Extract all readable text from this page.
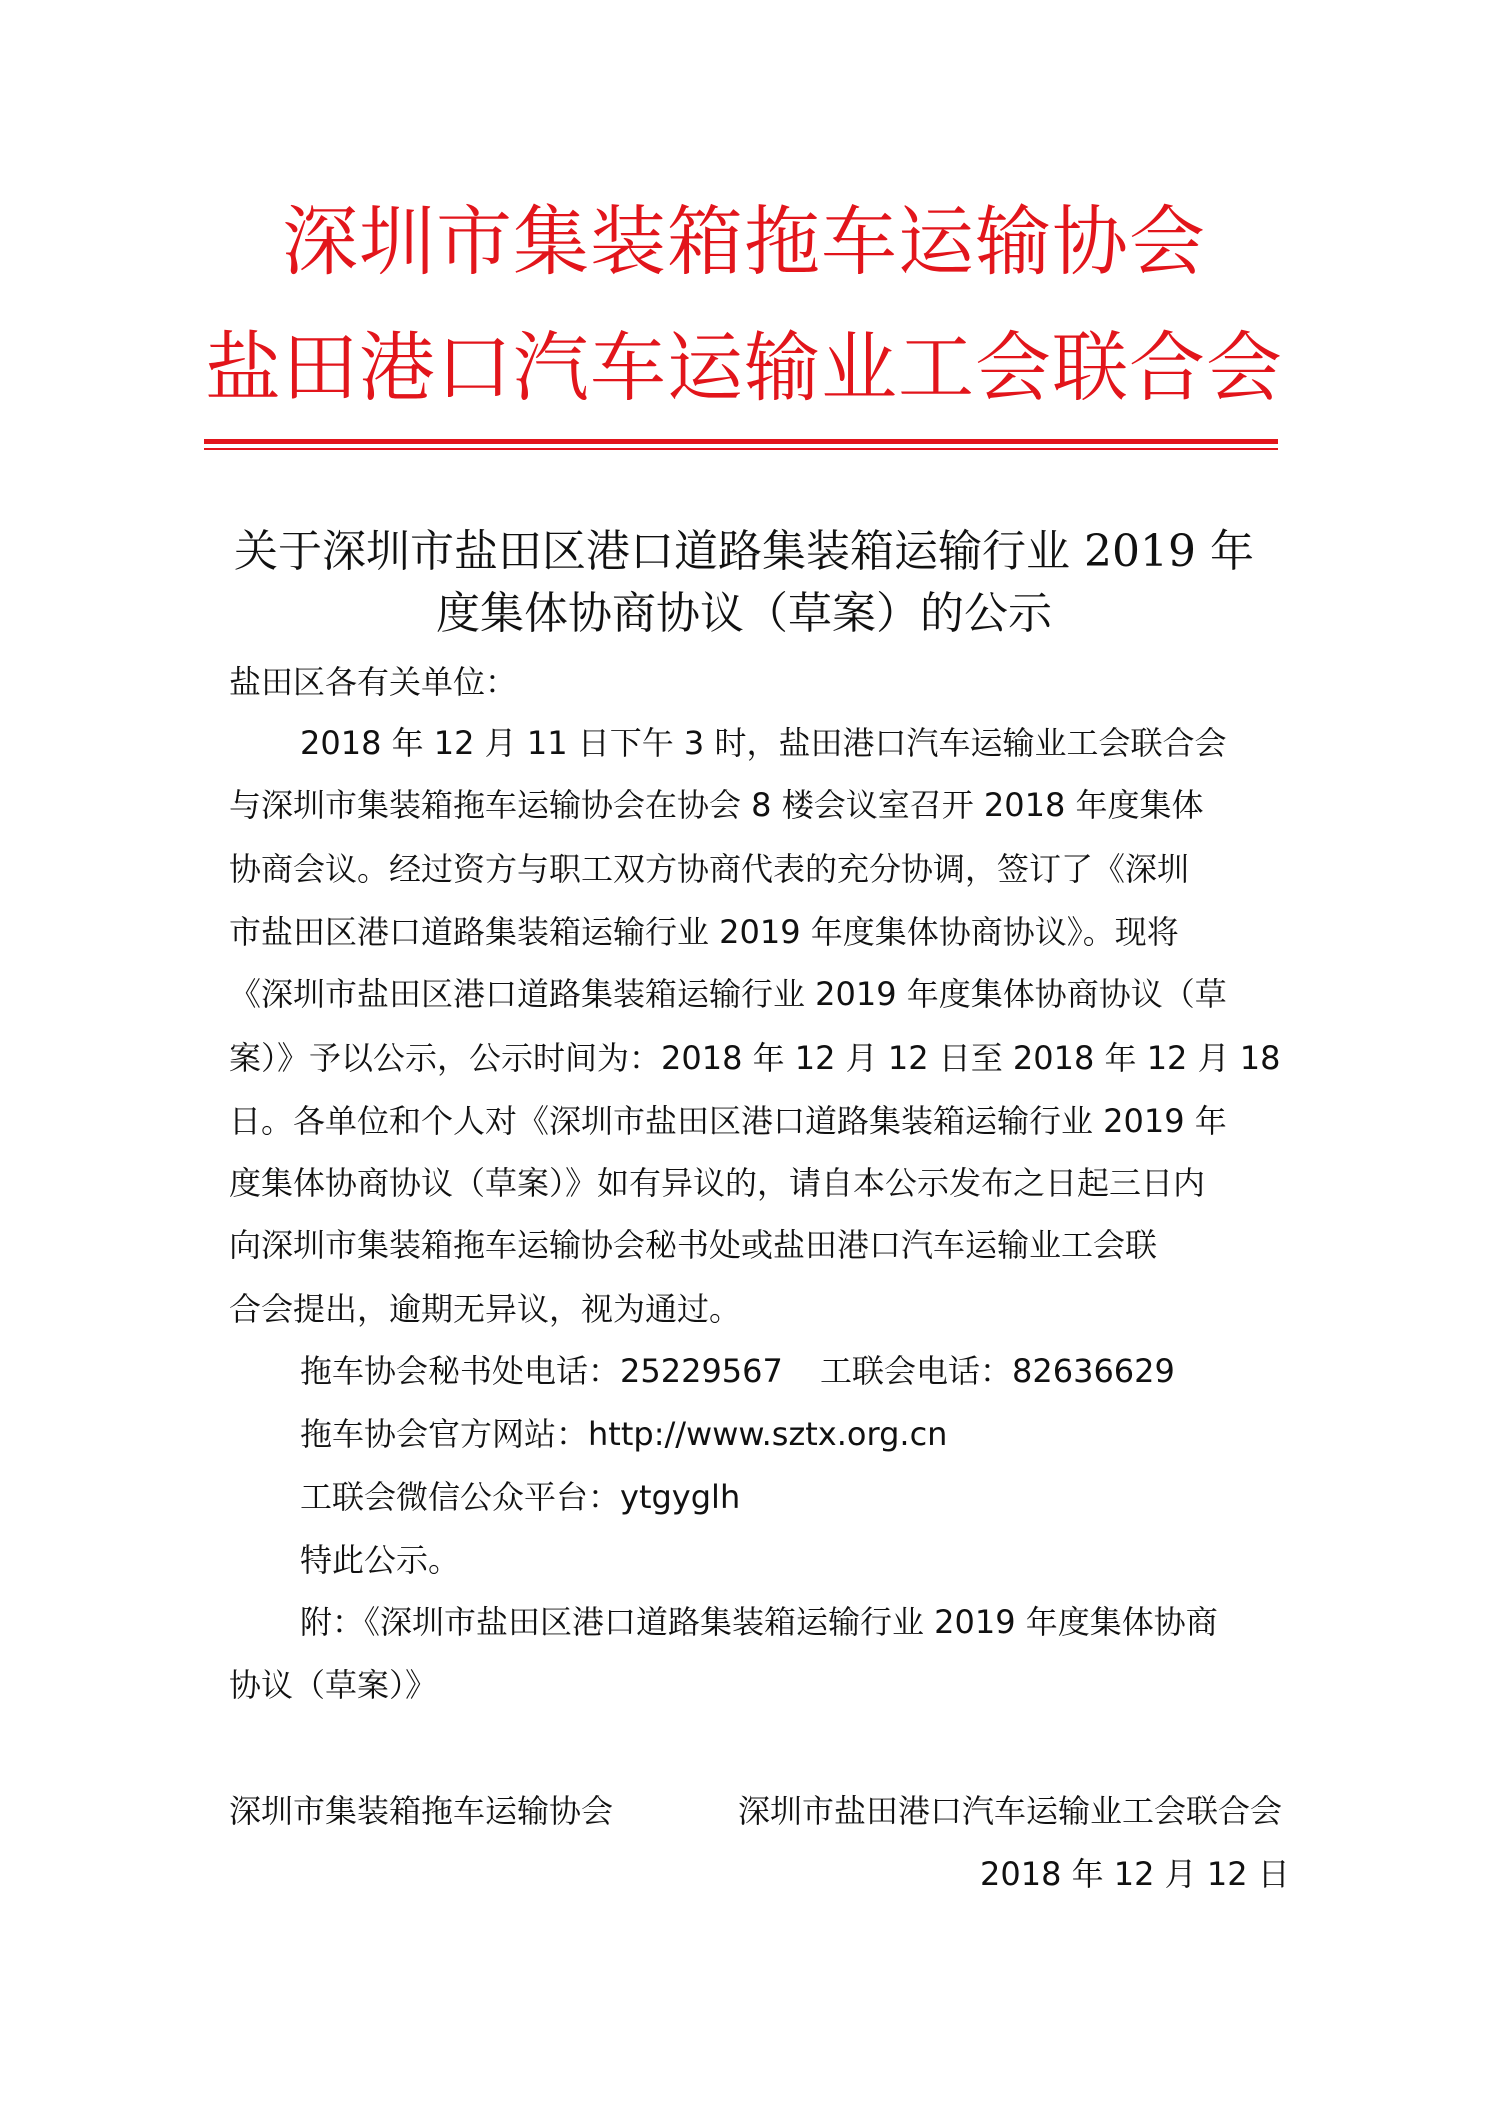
深圳市集装箱拖车运输协会
盐田港口汽车运输业工会联合会
关于深圳市盐田区港口道路集装箱运输行业 2019 年
度集体协商协议（草案）的公示
盐田区各有关单位：
2018 年 12 月 11 日下午 3 时，盐田港口汽车运输业工会联合会
与深圳市集装箱拖车运输协会在协会 8 楼会议室召开 2018 年度集体
协商会议。经过资方与职工双方协商代表的充分协调，签订了《深圳
市盐田区港口道路集装箱运输行业 2019 年度集体协商协议》。现将
《深圳市盐田区港口道路集装箱运输行业 2019 年度集体协商协议（草
案）》予以公示，公示时间为：2018 年 12 月 12 日至 2018 年 12 月 18
日。各单位和个人对《深圳市盐田区港口道路集装箱运输行业 2019 年
度集体协商协议（草案）》如有异议的，请自本公示发布之日起三日内
向深圳市集装箱拖车运输协会秘书处或盐田港口汽车运输业工会联
合会提出，逾期无异议，视为通过。
拖车协会秘书处电话：25229567 工联会电话：82636629
拖车协会官方网站：http://www.sztx.org.cn
工联会微信公众平台：ytgyglh
特此公示。
附：《深圳市盐田区港口道路集装箱运输行业 2019 年度集体协商
协议（草案）》
深圳市集装箱拖车运输协会	深圳市盐田港口汽车运输业工会联合会
2018 年 12 月 12 日
